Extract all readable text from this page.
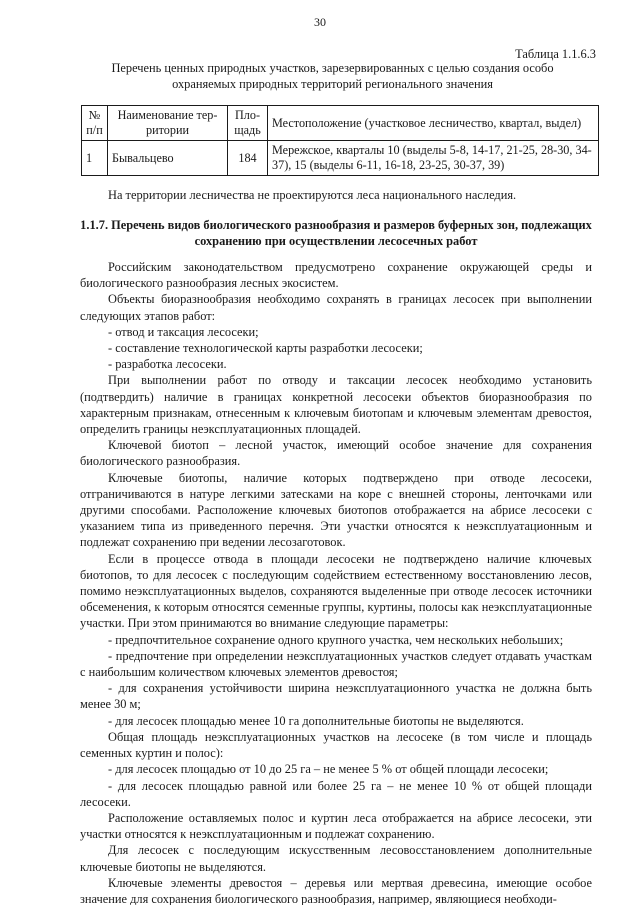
30
Таблица 1.1.6.3
Перечень ценных природных участков, зарезервированных с целью создания особо охраняемых природных территорий регионального значения
№ п/п	Наименование тер-ритории	Пло-щадь	Местоположение (участковое лесничество, квартал, выдел)
1	Бывальцево	184	Мережское, кварталы 10 (выделы 5-8, 14-17, 21-25, 28-30, 34-37), 15 (выделы 6-11, 16-18, 23-25, 30-37, 39)
На территории лесничества не проектируются леса национального наследия.
1.1.7. Перечень видов биологического разнообразия и размеров буферных зон, подлежащих сохранению при осуществлении лесосечных работ

Российским законодательством предусмотрено сохранение окружающей среды и биологического разнообразия лесных экосистем.

Объекты биоразнообразия необходимо сохранять в границах лесосек при выполнении следующих этапов работ:

- отвод и таксация лесосеки;

- составление технологической карты разработки лесосеки;

- разработка лесосеки.

При выполнении работ по отводу и таксации лесосек необходимо установить (подтвердить) наличие в границах конкретной лесосеки объектов биоразнообразия по характерным признакам, отнесенным к ключевым биотопам и ключевым элементам древостоя, определить границы неэксплуатационных площадей.

Ключевой биотоп – лесной участок, имеющий особое значение для сохранения биологического разнообразия.

Ключевые биотопы, наличие которых подтверждено при отводе лесосеки, отграничиваются в натуре легкими затесками на коре с внешней стороны, ленточками или другими способами. Расположение ключевых биотопов отображается на абрисе лесосеки с указанием типа из приведенного перечня. Эти участки относятся к неэксплуатационным и подлежат сохранению при ведении лесозаготовок.

Если в процессе отвода в площади лесосеки не подтверждено наличие ключевых биотопов, то для лесосек с последующим содействием естественному восстановлению лесов, помимо неэксплуатационных выделов, сохраняются выделенные при отводе лесосек источники обсеменения, к которым относятся семенные группы, куртины, полосы как неэксплуатационные участки. При этом принимаются во внимание следующие параметры:

- предпочтительное сохранение одного крупного участка, чем нескольких небольших;

- предпочтение при определении неэксплуатационных участков следует отдавать участкам с наибольшим количеством ключевых элементов древостоя;

- для сохранения устойчивости ширина неэксплуатационного участка не должна быть менее 30 м;

- для лесосек площадью менее 10 га дополнительные биотопы не выделяются.

Общая площадь неэксплуатационных участков на лесосеке (в том числе и площадь семенных куртин и полос):

- для лесосек площадью от 10 до 25 га – не менее 5 % от общей площади лесосеки;

- для лесосек площадью равной или более 25 га – не менее 10 % от общей площади лесосеки.

Расположение оставляемых полос и куртин леса отображается на абрисе лесосеки, эти участки относятся к неэксплуатационным и подлежат сохранению.

Для лесосек с последующим искусственным лесовосстановлением дополнительные ключевые биотопы не выделяются.

Ключевые элементы древостоя – деревья или мертвая древесина, имеющие особое значение для сохранения биологического разнообразия, например, являющиеся необходи-
